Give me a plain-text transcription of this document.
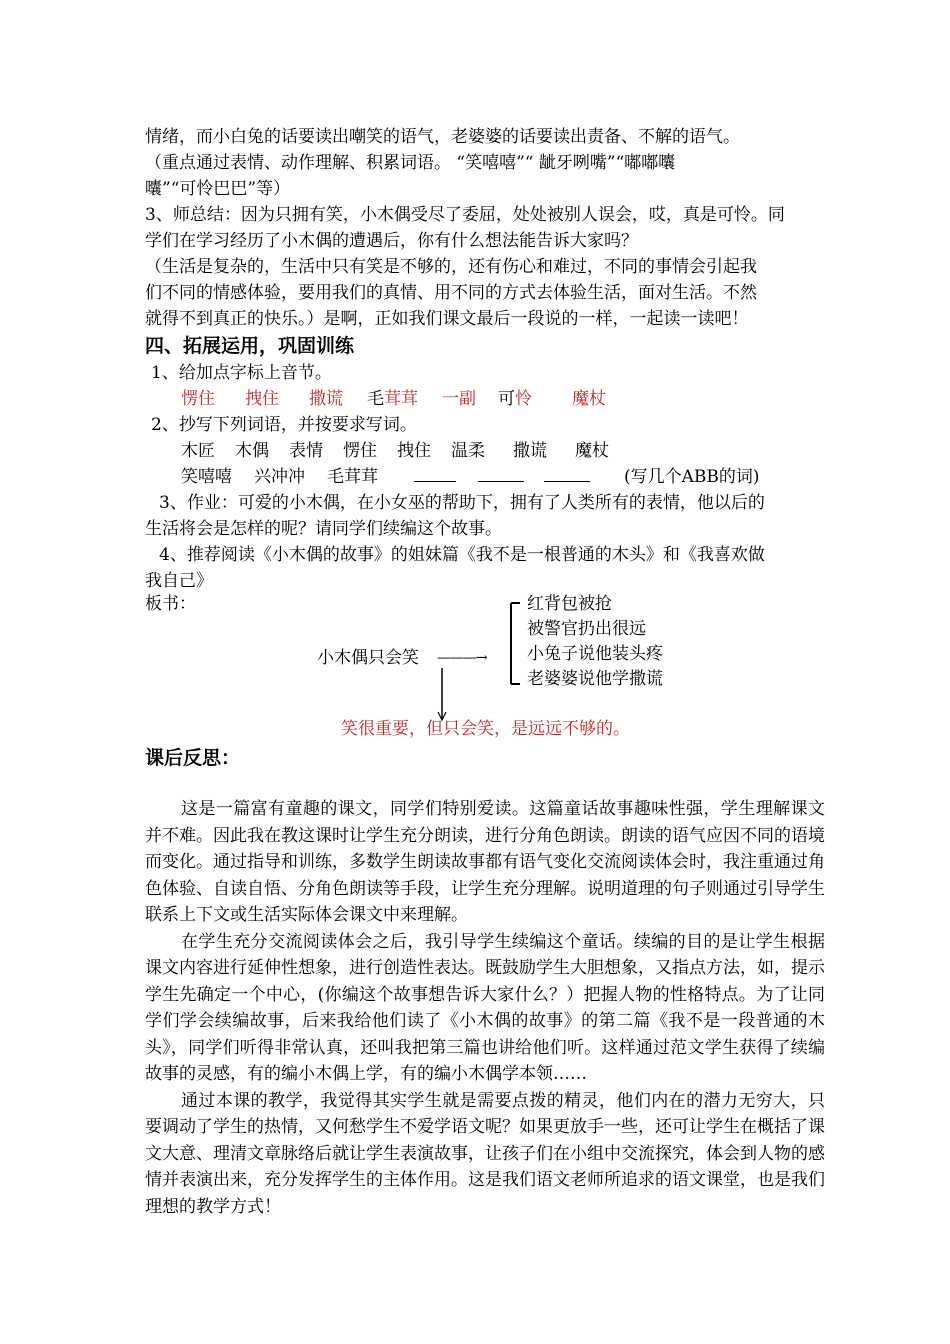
情绪，而小白兔的话要读出嘲笑的语气，老婆婆的话要读出责备、不解的语气。
（重点通过表情、动作理解、积累词语。 “笑嘻嘻”“ 龇牙咧嘴”“嘟嘟囔
囔”“可怜巴巴”等）
3、师总结：因为只拥有笑，小木偶受尽了委屈，处处被别人误会，哎，真是可怜。同
学们在学习经历了小木偶的遭遇后，你有什么想法能告诉大家吗？
（生活是复杂的，生活中只有笑是不够的，还有伤心和难过，不同的事情会引起我
们不同的情感体验，要用我们的真情、用不同的方式去体验生活，面对生活。不然
就得不到真正的快乐。）是啊，正如我们课文最后一段说的一样，一起读一读吧！
四、拓展运用，巩固训练
1、给加点字标上音节。
愣住 拽住 撒谎 毛茸茸 一副 可怜 魔杖
2、抄写下列词语，并按要求写词。
木匠 木偶 表情 愣住 拽住 温柔 撒谎 魔杖
笑嘻嘻 兴冲冲 毛茸茸	(写几个ABB的词)
3、作业：可爱的小木偶，在小女巫的帮助下，拥有了人类所有的表情，他以后的
生活将会是怎样的呢？请同学们续编这个故事。
4、推荐阅读《小木偶的故事》的姐妹篇《我不是一根普通的木头》和《我喜欢做
我自己》
板书：
小木偶只会笑 ———→
红背包被抢
被警官扔出很远
小兔子说他装头疼
老婆婆说他学撒谎
笑很重要，但只会笑，是远远不够的。
课后反思：

这是一篇富有童趣的课文，同学们特别爱读。这篇童话故事趣味性强，学生理解课文并不难。因此我在教这课时让学生充分朗读，进行分角色朗读。朗读的语气应因不同的语境而变化。通过指导和训练，多数学生朗读故事都有语气变化交流阅读体会时，我注重通过角色体验、自读自悟、分角色朗读等手段，让学生充分理解。说明道理的句子则通过引导学生联系上下文或生活实际体会课文中来理解。

在学生充分交流阅读体会之后，我引导学生续编这个童话。续编的目的是让学生根据课文内容进行延伸性想象，进行创造性表达。既鼓励学生大胆想象，又指点方法，如，提示学生先确定一个中心，(你编这个故事想告诉大家什么？）把握人物的性格特点。为了让同学们学会续编故事，后来我给他们读了《小木偶的故事》的第二篇《我不是一段普通的木头》，同学们听得非常认真，还叫我把第三篇也讲给他们听。这样通过范文学生获得了续编故事的灵感，有的编小木偶上学，有的编小木偶学本领……

通过本课的教学，我觉得其实学生就是需要点拨的精灵，他们内在的潜力无穷大，只要调动了学生的热情，又何愁学生不爱学语文呢？如果更放手一些，还可让学生在概括了课文大意、理清文章脉络后就让学生表演故事，让孩子们在小组中交流探究，体会到人物的感情并表演出来，充分发挥学生的主体作用。这是我们语文老师所追求的语文课堂，也是我们理想的教学方式！
